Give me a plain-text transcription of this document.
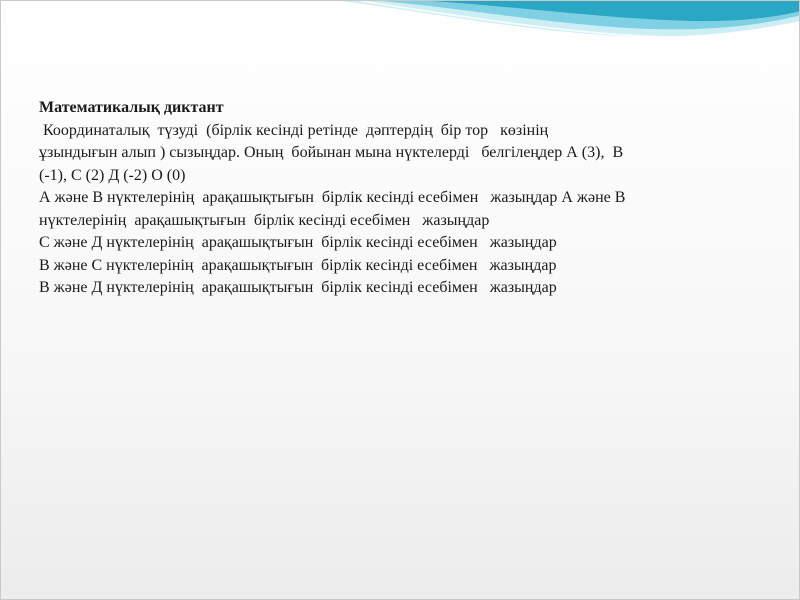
Математикалық диктант
Координаталық  түзуді  (бірлік кесінді ретінде  дәптердің  бір тор   көзінің
ұзындығын алып ) сызыңдар. Оның  бойынан мына нүктелерді   белгілеңдер А (3),  В
(-1), С (2) Д (-2) О (0)
А және В нүктелерінің  арақашықтығын  бірлік кесінді есебімен   жазыңдар А және В
нүктелерінің  арақашықтығын  бірлік кесінді есебімен   жазыңдар
С және Д нүктелерінің  арақашықтығын  бірлік кесінді есебімен   жазыңдар
В және С нүктелерінің  арақашықтығын  бірлік кесінді есебімен   жазыңдар
В және Д нүктелерінің  арақашықтығын  бірлік кесінді есебімен   жазыңдар
